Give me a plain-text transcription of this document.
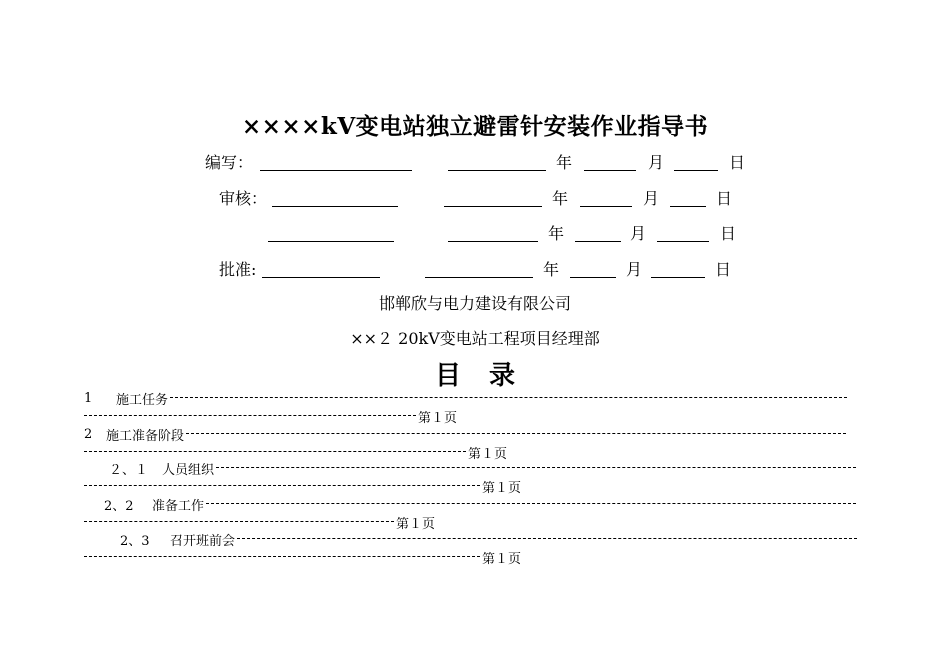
××××kV变电站独立避雷针安装作业指导书
编写：	年	月	日
审核：	年	月	日
年	月	日
批准:	年	月	日
邯郸欣与电力建设有限公司
××２ 20kV变电站工程项目经理部
目录
1 施工任务
第１页
2 施工准备阶段
第１页
２、１ 人员组织
第１页
2、2 准备工作
第１页
2、3 召开班前会
第１页
